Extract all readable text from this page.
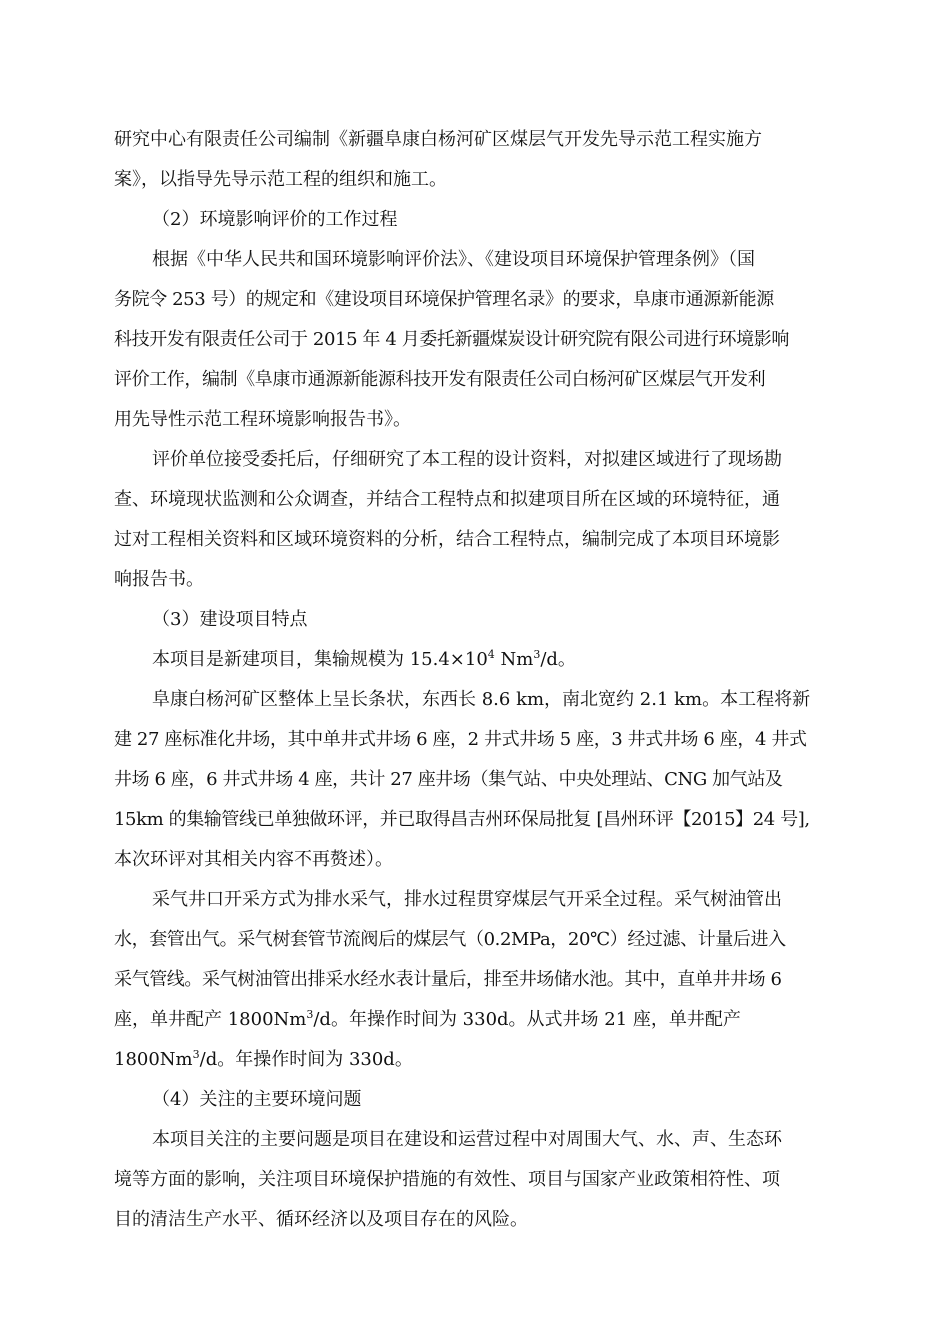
研究中心有限责任公司编制《新疆阜康白杨河矿区煤层气开发先导示范工程实施方
案》，以指导先导示范工程的组织和施工。
（2）环境影响评价的工作过程
根据《中华人民共和国环境影响评价法》、《建设项目环境保护管理条例》（国
务院令 253 号）的规定和《建设项目环境保护管理名录》的要求，阜康市通源新能源
科技开发有限责任公司于 2015 年 4 月委托新疆煤炭设计研究院有限公司进行环境影响
评价工作，编制《阜康市通源新能源科技开发有限责任公司白杨河矿区煤层气开发利
用先导性示范工程环境影响报告书》。
评价单位接受委托后，仔细研究了本工程的设计资料，对拟建区域进行了现场勘
查、环境现状监测和公众调查，并结合工程特点和拟建项目所在区域的环境特征，通
过对工程相关资料和区域环境资料的分析，结合工程特点，编制完成了本项目环境影
响报告书。
（3）建设项目特点
本项目是新建项目，集输规模为 $15.4\times 10^4$ Nm$^3$/d。
阜康白杨河矿区整体上呈长条状，东西长 8.6 km，南北宽约 2.1 km。本工程将新
建 27 座标准化井场，其中单井式井场 6 座，2 井式井场 5 座，3 井式井场 6 座，4 井式
井场 6 座，6 井式井场 4 座，共计 27 座井场（集气站、中央处理站、CNG 加气站及
15km 的集输管线已单独做环评，并已取得昌吉州环保局批复 [昌州环评【2015】24 号],
本次环评对其相关内容不再赘述）。
采气井口开采方式为排水采气，排水过程贯穿煤层气开采全过程。采气树油管出
水，套管出气。采气树套管节流阀后的煤层气（0.2MPa，20℃）经过滤、计量后进入
采气管线。采气树油管出排采水经水表计量后，排至井场储水池。其中，直单井井场 6
座，单井配产 1800Nm$^3$/d。年操作时间为 330d。从式井场 21 座，单井配产
1800Nm$^3$/d。年操作时间为 330d。
（4）关注的主要环境问题
本项目关注的主要问题是项目在建设和运营过程中对周围大气、水、声、生态环
境等方面的影响，关注项目环境保护措施的有效性、项目与国家产业政策相符性、项
目的清洁生产水平、循环经济以及项目存在的风险。
